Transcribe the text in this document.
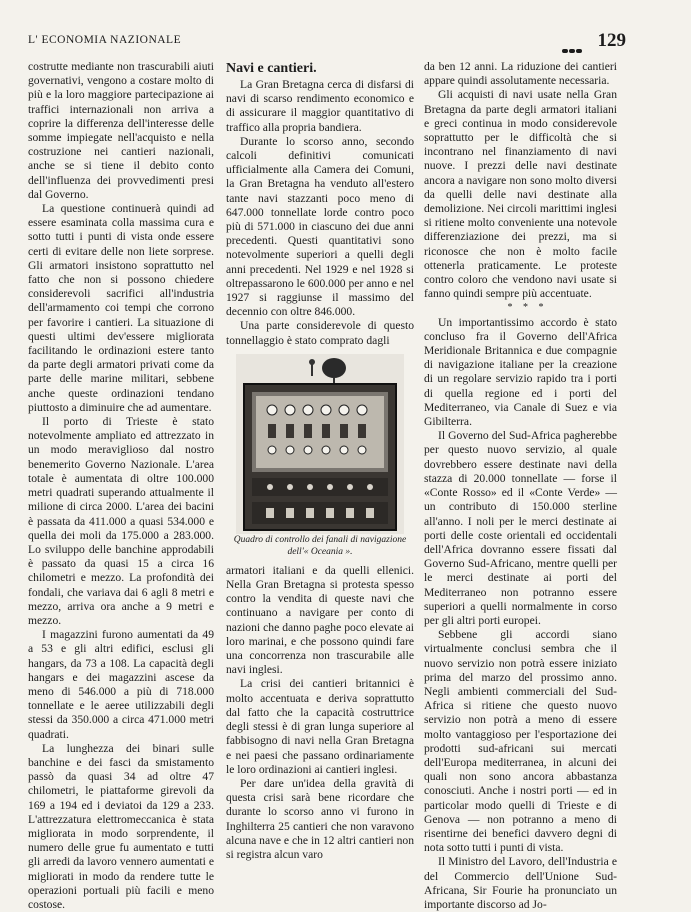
L' ECONOMIA NAZIONALE	129

costrutte mediante non trascurabili aiuti governativi, vengono a costare molto di più e la loro maggiore partecipazione ai traffici internazionali non arriva a coprire la differenza dell'interesse delle somme impiegate nell'acquisto e nella costruzione nei cantieri nazionali, anche se si tiene il debito conto dell'influenza dei provvedimenti presi dal Governo.

La questione continuerà quindi ad essere esaminata colla massima cura e sotto tutti i punti di vista onde essere certi di evitare delle non liete sorprese. Gli armatori insistono soprattutto nel fatto che non si possono chiedere considerevoli sacrifici all'industria dell'armamento coi tempi che corrono per favorire i cantieri. La situazione di questi ultimi dev'essere migliorata facilitando le ordinazioni estere tanto da parte degli armatori privati come da parte delle marine militari, sebbene anche queste ordinazioni tendano piuttosto a diminuire che ad aumentare.

Il porto di Trieste è stato notevolmente ampliato ed attrezzato in un modo meraviglioso dal nostro benemerito Governo Nazionale. L'area totale è aumentata di oltre 100.000 metri quadrati superando attualmente il milione di circa 2000. L'area dei bacini è passata da 411.000 a quasi 534.000 e quella dei moli da 175.000 a 283.000. Lo sviluppo delle banchine approdabili è passato da quasi 15 a circa 16 chilometri e mezzo. La profondità dei fondali, che variava dai 6 agli 8 metri e mezzo, arriva ora anche a 9 metri e mezzo.

I magazzini furono aumentati da 49 a 53 e gli altri edifici, esclusi gli hangars, da 73 a 108. La capacità degli hangars e dei magazzini ascese da meno di 546.000 a più di 718.000 tonnellate e le aeree utilizzabili degli stessi da 350.000 a circa 471.000 metri quadrati.

La lunghezza dei binari sulle banchine e dei fasci da smistamento passò da quasi 34 ad oltre 47 chilometri, le piattaforme girevoli da 169 a 194 ed i deviatoi da 129 a 233. L'attrezzatura elettromeccanica è stata migliorata in modo sorprendente, il numero delle grue fu aumentato e tutti gli arredi da lavoro vennero aumentati e migliorati in modo da rendere tutte le operazioni portuali più facili e meno costose.

Navi e cantieri.

La Gran Bretagna cerca di disfarsi di navi di scarso rendimento economico e di assicurare il maggior quantitativo di traffico alla propria bandiera.

Durante lo scorso anno, secondo calcoli definitivi comunicati ufficialmente alla Camera dei Comuni, la Gran Bretagna ha venduto all'estero tante navi stazzanti poco meno di 647.000 tonnellate lorde contro poco più di 571.000 in ciascuno dei due anni precedenti. Questi quantitativi sono notevolmente superiori a quelli degli anni precedenti. Nel 1929 e nel 1928 si oltrepassarono le 600.000 per anno e nel 1927 si raggiunse il massimo del decennio con oltre 846.000.

Una parte considerevole di questo tonnellaggio è stato comprato dagli

Quadro di controllo dei fanali di navigazione dell'« Oceania ».

armatori italiani e da quelli ellenici. Nella Gran Bretagna si protesta spesso contro la vendita di queste navi che continuano a navigare per conto di nazioni che danno paghe poco elevate ai loro marinai, e che possono quindi fare una concorrenza non trascurabile alle navi inglesi.

La crisi dei cantieri britannici è molto accentuata e deriva soprattutto dal fatto che la capacità costruttrice degli stessi è di gran lunga superiore al fabbisogno di navi nella Gran Bretagna e nei paesi che passano ordinariamente le loro ordinazioni ai cantieri inglesi.

Per dare un'idea della gravità di questa crisi sarà bene ricordare che durante lo scorso anno vi furono in Inghilterra 25 cantieri che non varavono alcuna nave e che in 12 altri cantieri non si registra alcun varo

da ben 12 anni. La riduzione dei cantieri appare quindi assolutamente necessaria.

Gli acquisti di navi usate nella Gran Bretagna da parte degli armatori italiani e greci continua in modo considerevole soprattutto per le difficoltà che si incontrano nel finanziamento di navi nuove. I prezzi delle navi destinate ancora a navigare non sono molto diversi da quelli delle navi destinate alla demolizione. Nei circoli marittimi inglesi si ritiene molto conveniente una notevole differenziazione dei prezzi, ma si riconosce che non è molto facile ottenerla praticamente. Le proteste contro coloro che vendono navi usate si fanno quindi sempre più accentuate.

* * *

Un importantissimo accordo è stato concluso fra il Governo dell'Africa Meridionale Britannica e due compagnie di navigazione italiane per la creazione di un regolare servizio rapido tra i porti di quella regione ed i porti del Mediterraneo, via Canale di Suez e via Gibilterra.

Il Governo del Sud-Africa pagherebbe per questo nuovo servizio, al quale dovrebbero essere destinate navi della stazza di 20.000 tonnellate — forse il «Conte Rosso» ed il «Conte Verde» — un contributo di 150.000 sterline all'anno. I noli per le merci destinate ai porti delle coste orientali ed occidentali dell'Africa dovranno essere fissati dal Governo Sud-Africano, mentre quelli per le merci destinate ai porti del Mediterraneo non potranno essere superiori a quelli normalmente in corso per gli altri porti europei.

Sebbene gli accordi siano virtualmente conclusi sembra che il nuovo servizio non potrà essere iniziato prima del marzo del prossimo anno. Negli ambienti commerciali del Sud-Africa si ritiene che questo nuovo servizio non potrà a meno di essere molto vantaggioso per l'esportazione dei prodotti sud-africani sui mercati dell'Europa mediterranea, in alcuni dei quali non sono ancora abbastanza conosciuti. Anche i nostri porti — ed in particolar modo quelli di Trieste e di Genova — non potranno a meno di risentirne dei benefici davvero degni di nota sotto tutti i punti di vista.

Il Ministro del Lavoro, dell'Industria e del Commercio dell'Unione Sud-Africana, Sir Fourie ha pronunciato un importante discorso ad Jo-
